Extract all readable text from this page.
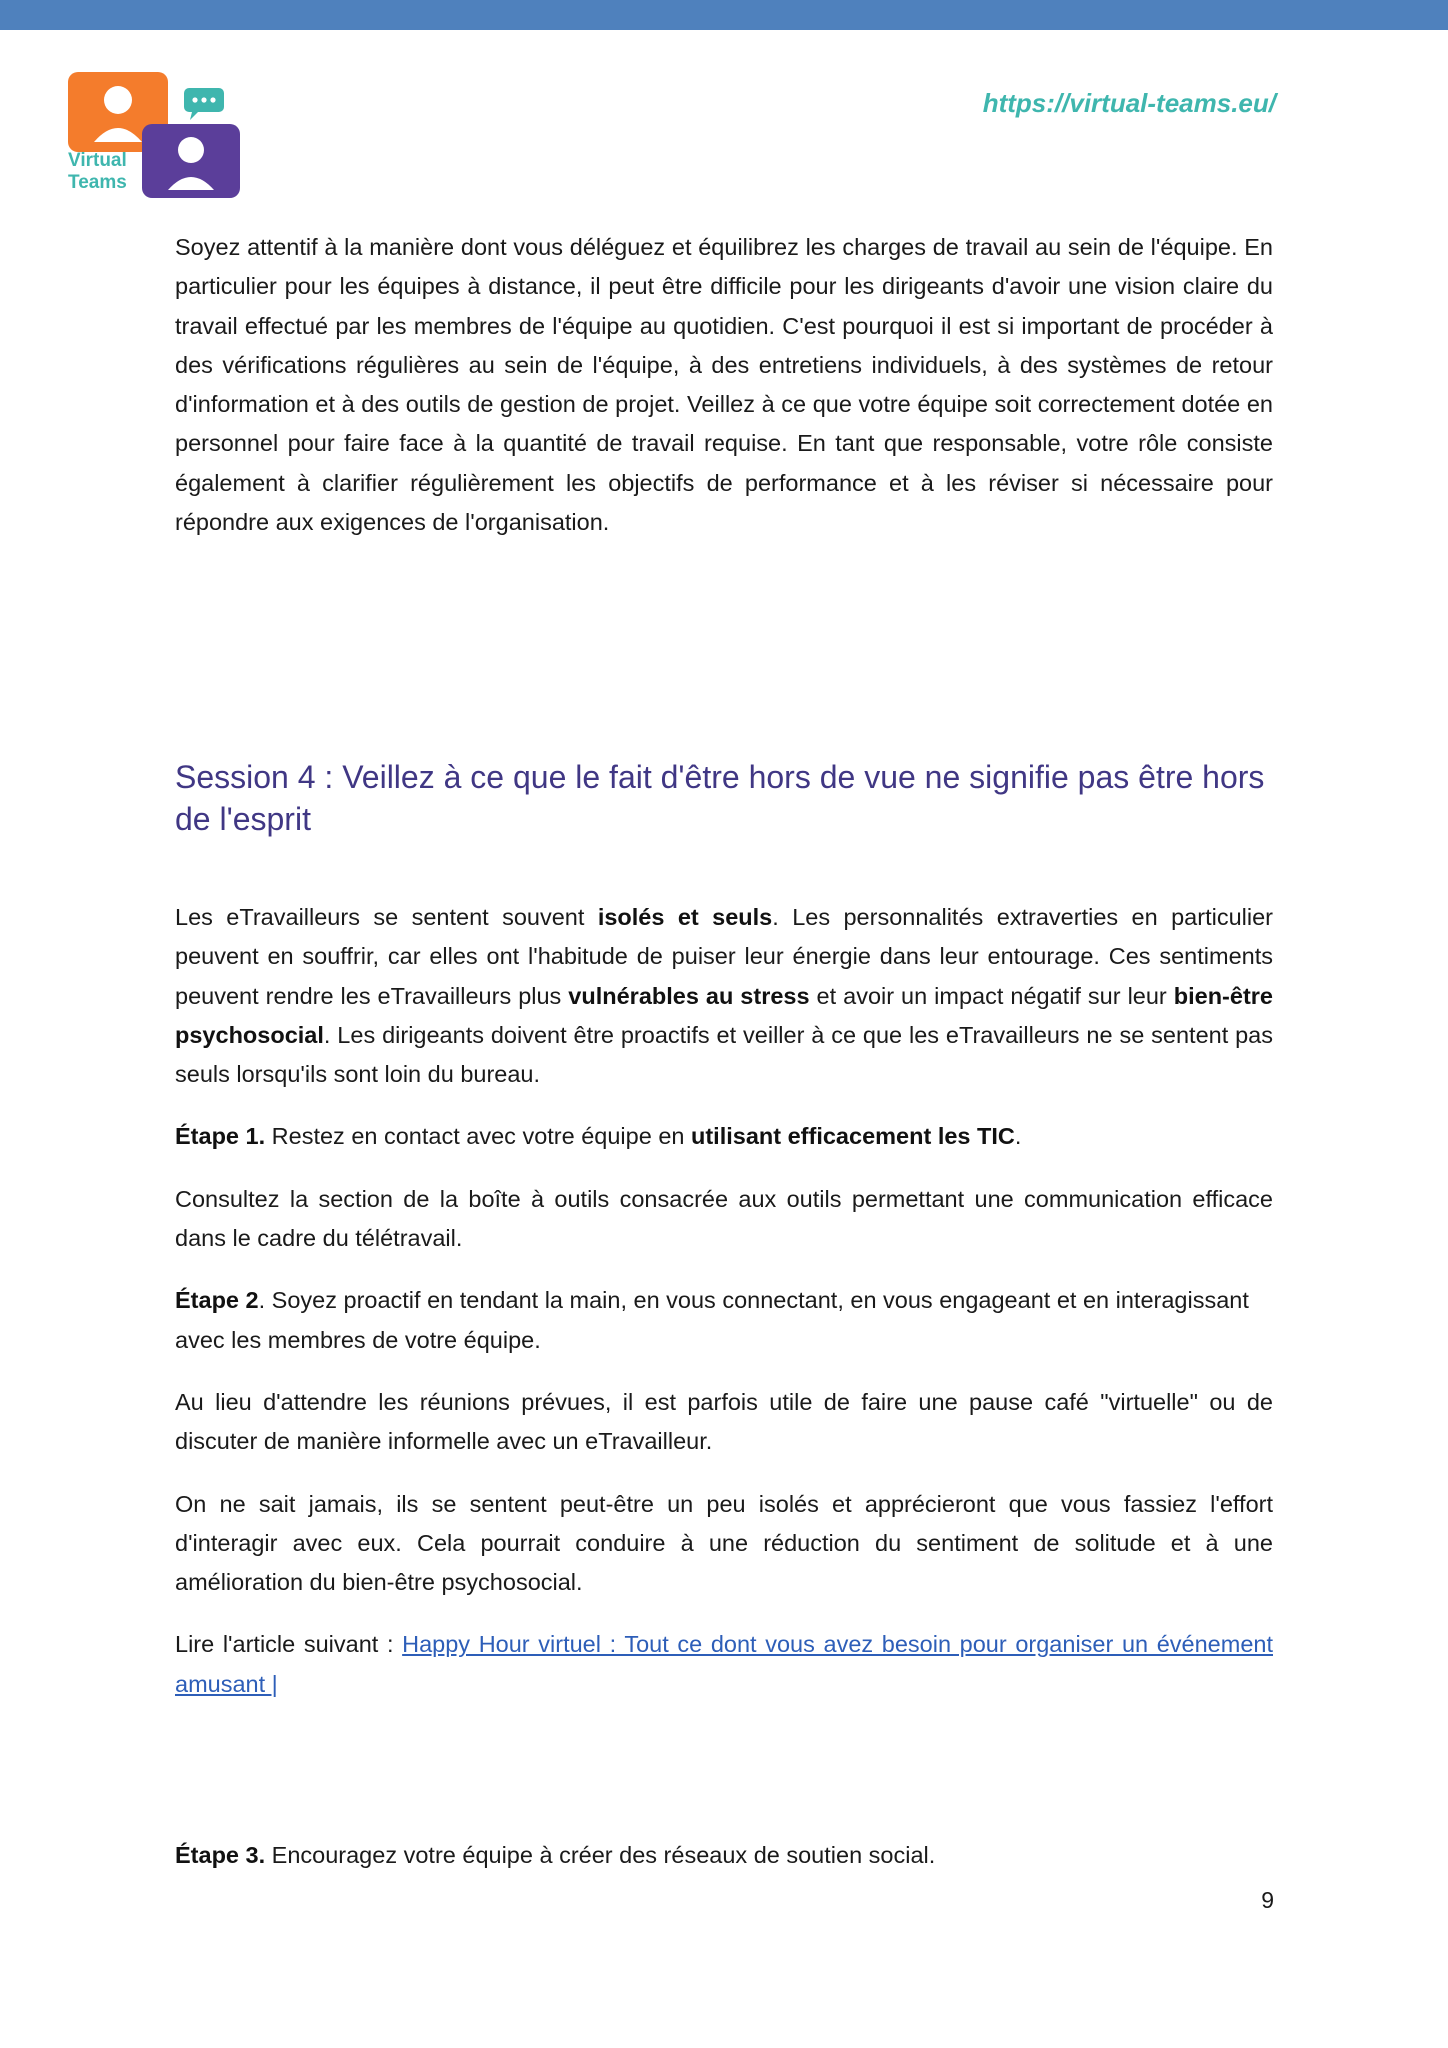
Virtual
Teams
https://virtual-teams.eu/

Soyez attentif à la manière dont vous déléguez et équilibrez les charges de travail au sein de l'équipe. En particulier pour les équipes à distance, il peut être difficile pour les dirigeants d'avoir une vision claire du travail effectué par les membres de l'équipe au quotidien. C'est pourquoi il est si important de procéder à des vérifications régulières au sein de l'équipe, à des entretiens individuels, à des systèmes de retour d'information et à des outils de gestion de projet. Veillez à ce que votre équipe soit correctement dotée en personnel pour faire face à la quantité de travail requise. En tant que responsable, votre rôle consiste également à clarifier régulièrement les objectifs de performance et à les réviser si nécessaire pour répondre aux exigences de l'organisation.

Session 4 : Veillez à ce que le fait d'être hors de vue ne signifie pas être hors de l'esprit

Les eTravailleurs se sentent souvent isolés et seuls. Les personnalités extraverties en particulier peuvent en souffrir, car elles ont l'habitude de puiser leur énergie dans leur entourage. Ces sentiments peuvent rendre les eTravailleurs plus vulnérables au stress et avoir un impact négatif sur leur bien-être psychosocial. Les dirigeants doivent être proactifs et veiller à ce que les eTravailleurs ne se sentent pas seuls lorsqu'ils sont loin du bureau.

Étape 1. Restez en contact avec votre équipe en utilisant efficacement les TIC.

Consultez la section de la boîte à outils consacrée aux outils permettant une communication efficace dans le cadre du télétravail.

Étape 2. Soyez proactif en tendant la main, en vous connectant, en vous engageant et en interagissant avec les membres de votre équipe.

Au lieu d'attendre les réunions prévues, il est parfois utile de faire une pause café "virtuelle" ou de discuter de manière informelle avec un eTravailleur.

On ne sait jamais, ils se sentent peut-être un peu isolés et apprécieront que vous fassiez l'effort d'interagir avec eux. Cela pourrait conduire à une réduction du sentiment de solitude et à une amélioration du bien-être psychosocial.

Lire l'article suivant : Happy Hour virtuel : Tout ce dont vous avez besoin pour organiser un événement amusant |

Étape 3. Encouragez votre équipe à créer des réseaux de soutien social.

9
